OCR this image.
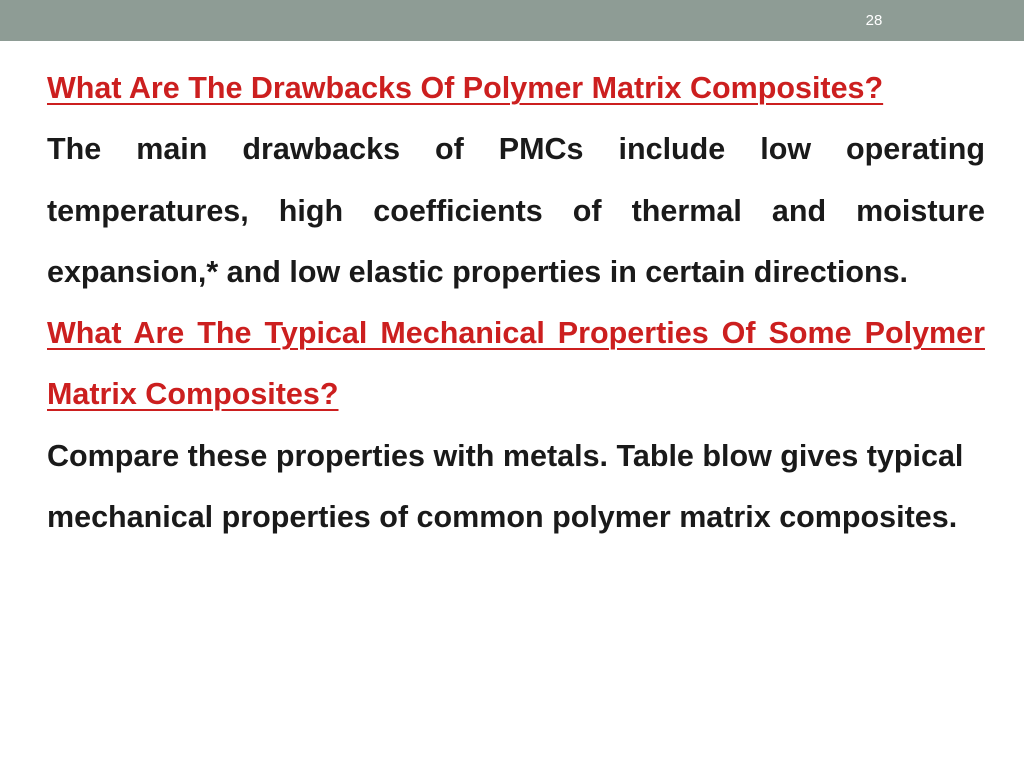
28

What Are The Drawbacks Of Polymer Matrix Composites?

The main drawbacks of PMCs include low operating temperatures, high coefficients of thermal and moisture expansion,* and low elastic properties in certain directions.

What Are The Typical Mechanical Properties Of Some Polymer Matrix Composites?

Compare these properties with metals. Table blow gives typical mechanical properties of common polymer matrix composites.
